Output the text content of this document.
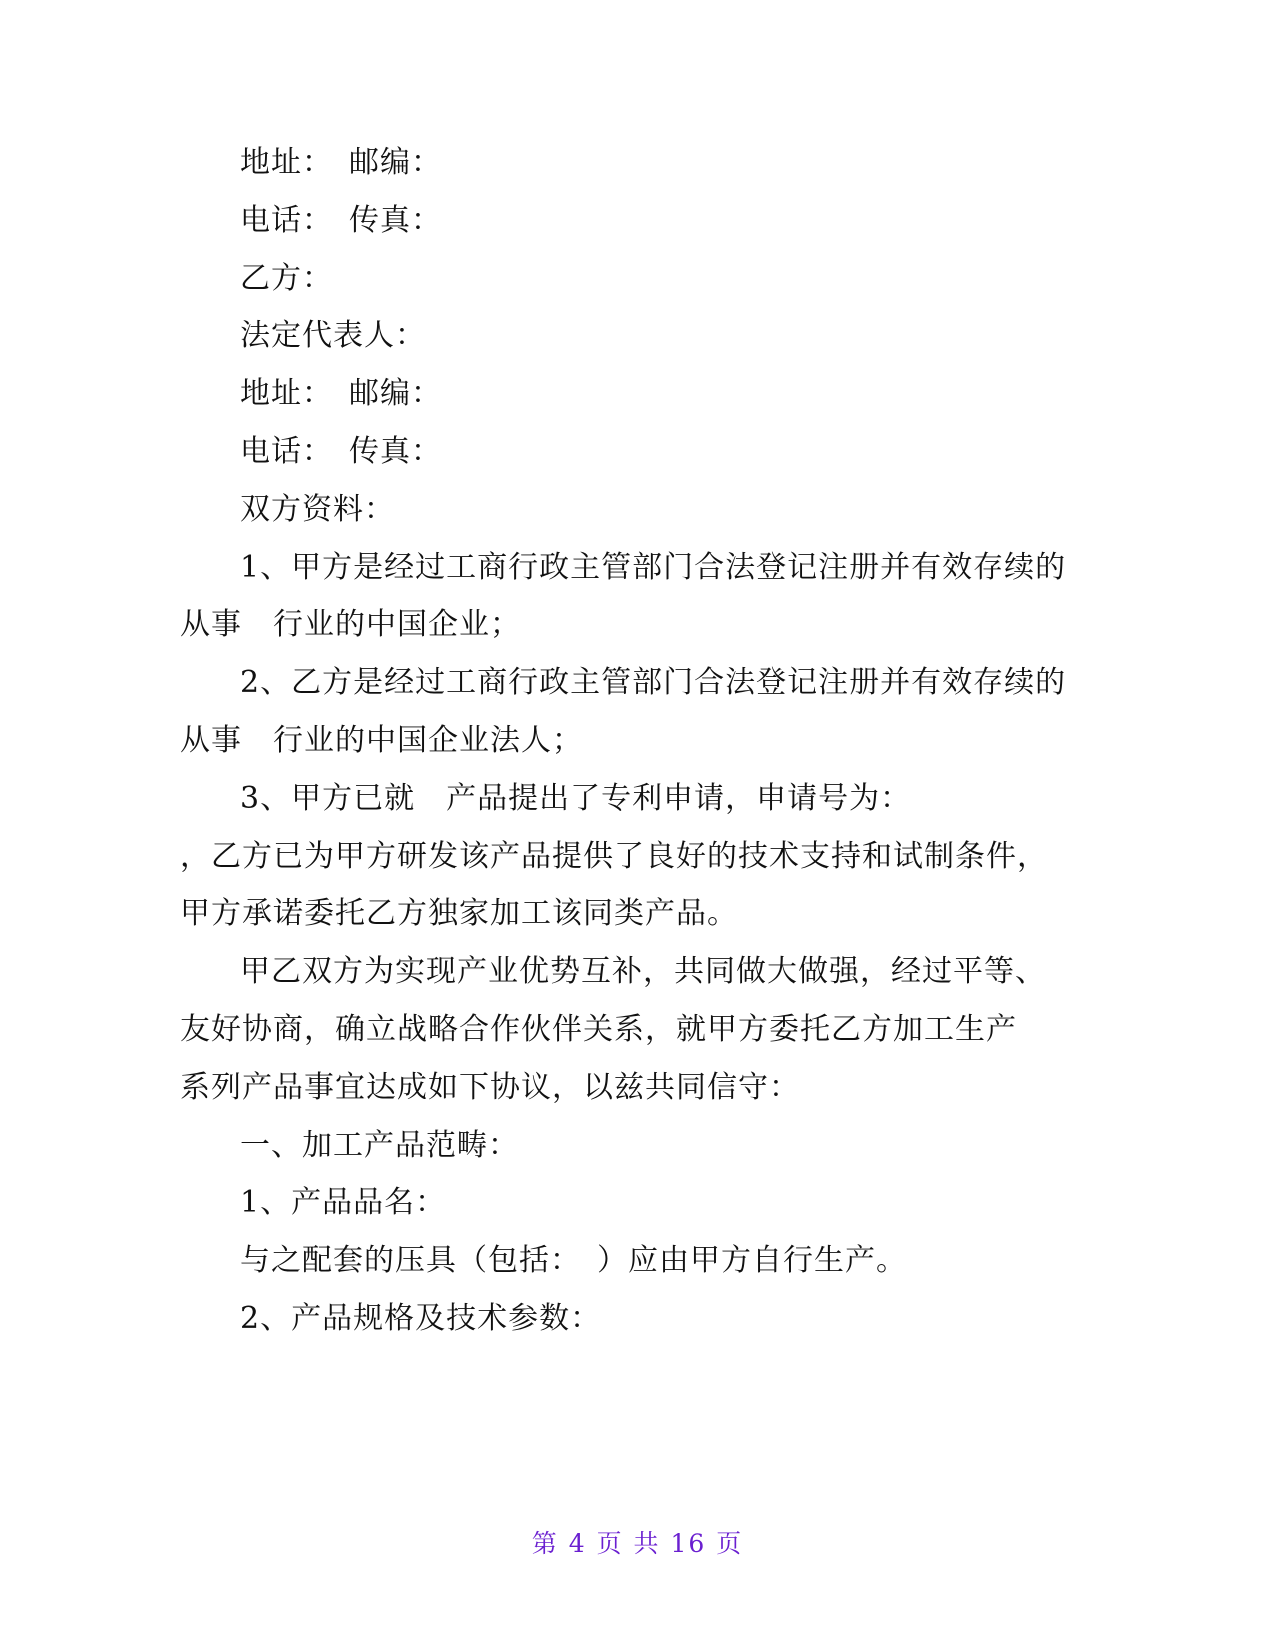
地址：　邮编：
电话：　传真：
乙方：
法定代表人：
地址：　邮编：
电话：　传真：
双方资料：
1、甲方是经过工商行政主管部门合法登记注册并有效存续的
从事　行业的中国企业；
2、乙方是经过工商行政主管部门合法登记注册并有效存续的
从事　行业的中国企业法人；
3、甲方已就　产品提出了专利申请，申请号为：
，乙方已为甲方研发该产品提供了良好的技术支持和试制条件，
甲方承诺委托乙方独家加工该同类产品。
甲乙双方为实现产业优势互补，共同做大做强，经过平等、
友好协商，确立战略合作伙伴关系，就甲方委托乙方加工生产
系列产品事宜达成如下协议，以兹共同信守：
一、加工产品范畴：
1、产品品名：
与之配套的压具（包括：　）应由甲方自行生产。
2、产品规格及技术参数：
第 4 页 共 16 页
